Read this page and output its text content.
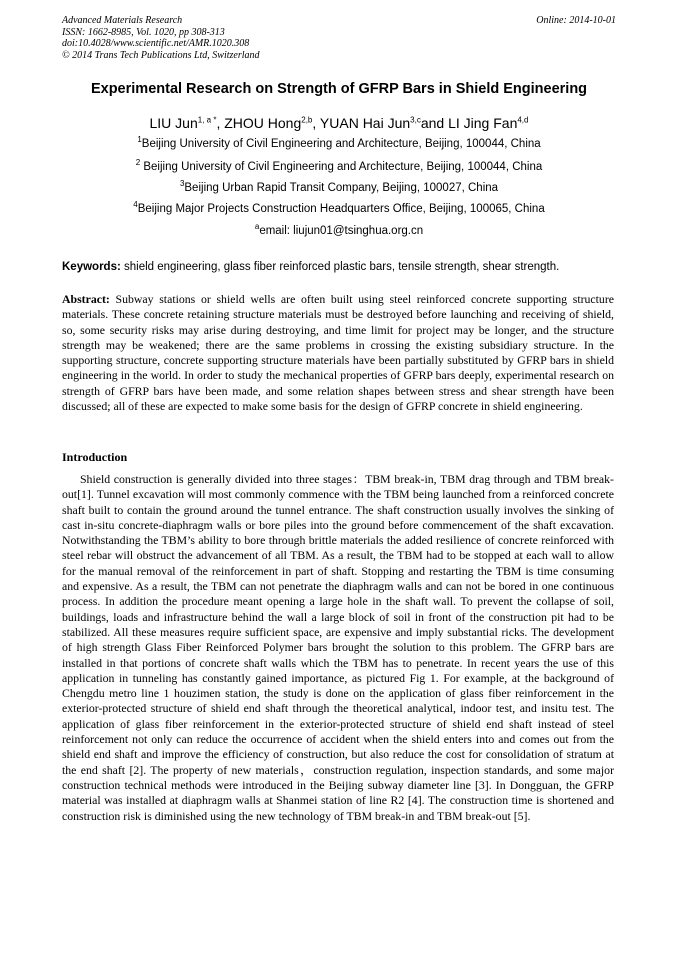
Advanced Materials Research
ISSN: 1662-8985, Vol. 1020, pp 308-313
doi:10.4028/www.scientific.net/AMR.1020.308
© 2014 Trans Tech Publications Ltd, Switzerland
Online: 2014-10-01
Experimental Research on Strength of GFRP Bars in Shield Engineering
LIU Jun$^{1, a *}$, ZHOU Hong$^{2,b}$, YUAN Hai Jun$^{3,c}$and LI Jing Fan$^{4,d}$
$^1$Beijing University of Civil Engineering and Architecture, Beijing, 100044, China
$^2$ Beijing University of Civil Engineering and Architecture, Beijing, 100044, China
$^3$Beijing Urban Rapid Transit Company, Beijing, 100027, China
$^4$Beijing Major Projects Construction Headquarters Office, Beijing, 100065, China
$^a$email: liujun01@tsinghua.org.cn
Keywords: shield engineering, glass fiber reinforced plastic bars, tensile strength, shear strength.
Abstract: Subway stations or shield wells are often built using steel reinforced concrete supporting structure materials. These concrete retaining structure materials must be destroyed before launching and receiving of shield, so, some security risks may arise during destroying, and time limit for project may be longer, and the structure strength may be weakened; there are the same problems in crossing the existing subsidiary structure. In the supporting structure, concrete supporting structure materials have been partially substituted by GFRP bars in shield engineering in the world. In order to study the mechanical properties of GFRP bars deeply, experimental research on strength of GFRP bars have been made, and some relation shapes between stress and shear strength have been discussed; all of these are expected to make some basis for the design of GFRP concrete in shield engineering.
Introduction
Shield construction is generally divided into three stages：TBM break-in, TBM drag through and TBM break-out[1]. Tunnel excavation will most commonly commence with the TBM being launched from a reinforced concrete shaft built to contain the ground around the tunnel entrance. The shaft construction usually involves the sinking of cast in-situ concrete-diaphragm walls or bore piles into the ground before commencement of the shaft excavation. Notwithstanding the TBM’s ability to bore through brittle materials the added resilience of concrete reinforced with steel rebar will obstruct the advancement of all TBM. As a result, the TBM had to be stopped at each wall to allow for the manual removal of the reinforcement in part of shaft. Stopping and restarting the TBM is time consuming and expensive. As a result, the TBM can not penetrate the diaphragm walls and can not be bored in one continuous process. In addition the procedure meant opening a large hole in the shaft wall. To prevent the collapse of soil, buildings, loads and infrastructure behind the wall a large block of soil in front of the construction pit had to be stabilized. All these measures require sufficient space, are expensive and imply substantial ricks. The development of high strength Glass Fiber Reinforced Polymer bars brought the solution to this problem. The GFRP bars are installed in that portions of concrete shaft walls which the TBM has to penetrate. In recent years the use of this application in tunneling has constantly gained importance, as pictured Fig 1. For example, at the background of Chengdu metro line 1 houzimen station, the study is done on the application of glass fiber reinforcement in the exterior-protected structure of shield end shaft through the theoretical analytical, indoor test, and insitu test. The application of glass fiber reinforcement in the exterior-protected structure of shield end shaft instead of steel reinforcement not only can reduce the occurrence of accident when the shield enters into and comes out from the shield end shaft and improve the efficiency of construction, but also reduce the cost for consolidation of stratum at the end shaft [2]. The property of new materials，construction regulation, inspection standards, and some major construction technical methods were introduced in the Beijing subway diameter line [3]. In Dongguan, the GFRP material was installed at diaphragm walls at Shanmei station of line R2 [4]. The construction time is shortened and construction risk is diminished using the new technology of TBM break-in and TBM break-out [5].
